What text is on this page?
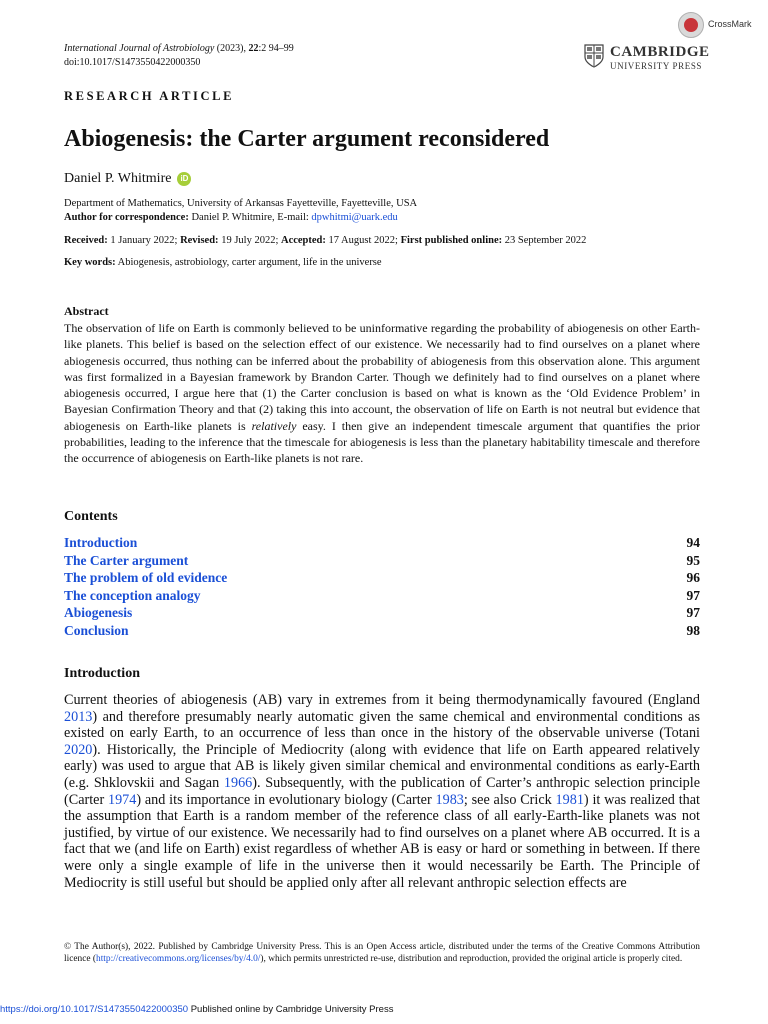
International Journal of Astrobiology (2023), 22:2 94–99
doi:10.1017/S1473550422000350
CrossMark
CAMBRIDGE
UNIVERSITY PRESS
RESEARCH ARTICLE
Abiogenesis: the Carter argument reconsidered
Daniel P. Whitmire	iD
Department of Mathematics, University of Arkansas Fayetteville, Fayetteville, USA
Author for correspondence: Daniel P. Whitmire, E-mail: dpwhitmi@uark.edu
Received: 1 January 2022; Revised: 19 July 2022; Accepted: 17 August 2022; First published online: 23 September 2022
Key words: Abiogenesis, astrobiology, carter argument, life in the universe
Abstract
The observation of life on Earth is commonly believed to be uninformative regarding the probability of abiogenesis on other Earth-like planets. This belief is based on the selection effect of our existence. We necessarily had to find ourselves on a planet where abiogenesis occurred, thus nothing can be inferred about the probability of abiogenesis from this observation alone. This argument was first formalized in a Bayesian framework by Brandon Carter. Though we definitely had to find ourselves on a planet where abiogenesis occurred, I argue here that (1) the Carter conclusion is based on what is known as the ‘Old Evidence Problem’ in Bayesian Confirmation Theory and that (2) taking this into account, the observation of life on Earth is not neutral but evidence that abiogenesis on Earth-like planets is relatively easy. I then give an independent timescale argument that quantifies the prior probabilities, leading to the inference that the timescale for abiogenesis is less than the planetary habitability timescale and therefore the occurrence of abiogenesis on Earth-like planets is not rare.
Contents
Introduction	94
The Carter argument	95
The problem of old evidence	96
The conception analogy	97
Abiogenesis	97
Conclusion	98
Introduction
Current theories of abiogenesis (AB) vary in extremes from it being thermodynamically favoured (England 2013) and therefore presumably nearly automatic given the same chemical and environmental conditions as existed on early Earth, to an occurrence of less than once in the history of the observable universe (Totani 2020). Historically, the Principle of Mediocrity (along with evidence that life on Earth appeared relatively early) was used to argue that AB is likely given similar chemical and environmental conditions as early-Earth (e.g. Shklovskii and Sagan 1966). Subsequently, with the publication of Carter’s anthropic selection principle (Carter 1974) and its importance in evolutionary biology (Carter 1983; see also Crick 1981) it was realized that the assumption that Earth is a random member of the reference class of all early-Earth-like planets was not justified, by virtue of our existence. We necessarily had to find ourselves on a planet where AB occurred. It is a fact that we (and life on Earth) exist regardless of whether AB is easy or hard or something in between. If there were only a single example of life in the universe then it would necessarily be Earth. The Principle of Mediocrity is still useful but should be applied only after all relevant anthropic selection effects are
© The Author(s), 2022. Published by Cambridge University Press. This is an Open Access article, distributed under the terms of the Creative Commons Attribution licence (http://creativecommons.org/licenses/by/4.0/), which permits unrestricted re-use, distribution and reproduction, provided the original article is properly cited.
https://doi.org/10.1017/S1473550422000350 Published online by Cambridge University Press
